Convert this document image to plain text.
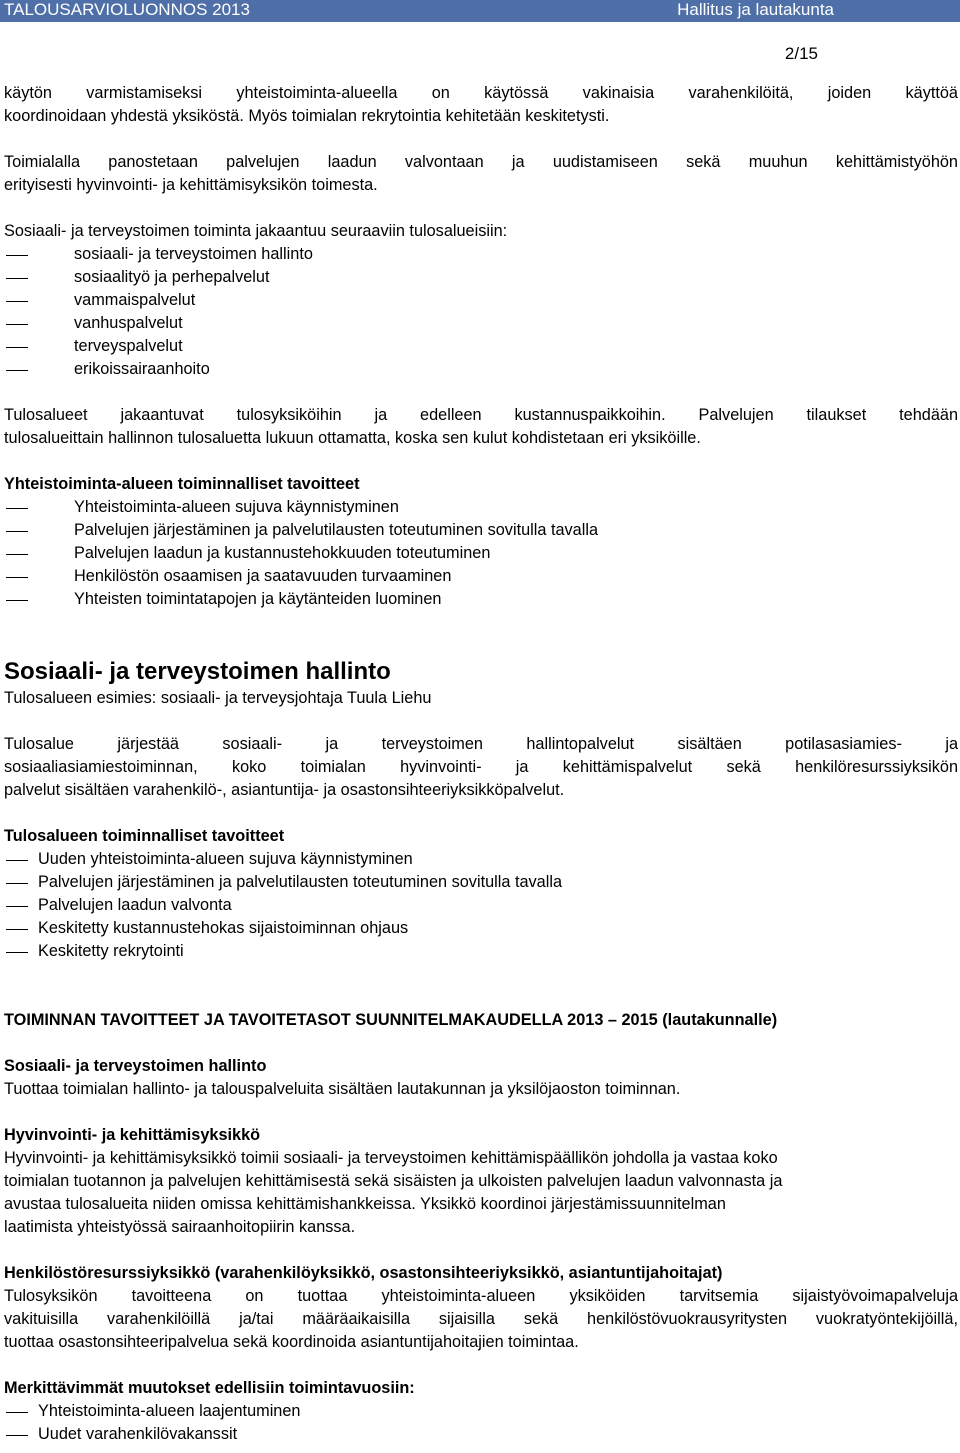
TALOUSARVIOLUONNOS 2013	Hallitus ja lautakunta
2/15

käytön varmistamiseksi yhteistoiminta-alueella on käytössä vakinaisia varahenkilöitä, joiden käyttöä
koordinoidaan yhdestä yksiköstä. Myös toimialan rekrytointia kehitetään keskitetysti.

Toimialalla panostetaan palvelujen laadun valvontaan ja uudistamiseen sekä muuhun kehittämistyöhön
erityisesti hyvinvointi- ja kehittämisyksikön toimesta.

Sosiaali- ja terveystoimen toiminta jakaantuu seuraaviin tulosalueisiin:

sosiaali- ja terveystoimen hallinto
sosiaalityö ja perhepalvelut
vammaispalvelut
vanhuspalvelut
terveyspalvelut
erikoissairaanhoito

Tulosalueet jakaantuvat tulosyksiköihin ja edelleen kustannuspaikkoihin. Palvelujen tilaukset tehdään
tulosalueittain hallinnon tulosaluetta lukuun ottamatta, koska sen kulut kohdistetaan eri yksiköille.

Yhteistoiminta-alueen toiminnalliset tavoitteet
Yhteistoiminta-alueen sujuva käynnistyminen
Palvelujen järjestäminen ja palvelutilausten toteutuminen sovitulla tavalla
Palvelujen laadun ja kustannustehokkuuden toteutuminen
Henkilöstön osaamisen ja saatavuuden turvaaminen
Yhteisten toimintatapojen ja käytänteiden luominen
Sosiaali- ja terveystoimen hallinto

Tulosalueen esimies: sosiaali- ja terveysjohtaja Tuula Liehu

Tulosalue järjestää sosiaali- ja terveystoimen hallintopalvelut sisältäen potilasasiamies- ja
sosiaaliasiamiestoiminnan, koko toimialan hyvinvointi- ja kehittämispalvelut sekä henkilöresurssiyksikön
palvelut sisältäen varahenkilö-, asiantuntija- ja osastonsihteeriyksikköpalvelut.

Tulosalueen toiminnalliset tavoitteet
Uuden yhteistoiminta-alueen sujuva käynnistyminen
Palvelujen järjestäminen ja palvelutilausten toteutuminen sovitulla tavalla
Palvelujen laadun valvonta
Keskitetty kustannustehokas sijaistoiminnan ohjaus
Keskitetty rekrytointi
TOIMINNAN TAVOITTEET JA TAVOITETASOT SUUNNITELMAKAUDELLA 2013 – 2015 (lautakunnalle)
Sosiaali- ja terveystoimen hallinto

Tuottaa toimialan hallinto- ja talouspalveluita sisältäen lautakunnan ja yksilöjaoston toiminnan.

Hyvinvointi- ja kehittämisyksikkö

Hyvinvointi- ja kehittämisyksikkö toimii sosiaali- ja terveystoimen kehittämispäällikön johdolla ja vastaa koko
toimialan tuotannon ja palvelujen kehittämisestä sekä sisäisten ja ulkoisten palvelujen laadun valvonnasta ja
avustaa tulosalueita niiden omissa kehittämishankkeissa. Yksikkö koordinoi järjestämissuunnitelman
laatimista yhteistyössä sairaanhoitopiirin kanssa.

Henkilöstöresurssiyksikkö (varahenkilöyksikkö, osastonsihteeriyksikkö, asiantuntijahoitajat)

Tulosyksikön tavoitteena on tuottaa yhteistoiminta-alueen yksiköiden tarvitsemia sijaistyövoimapalveluja
vakituisilla varahenkilöillä ja/tai määräaikaisilla sijaisilla sekä henkilöstövuokrausyritysten vuokratyöntekijöillä,
tuottaa osastonsihteeripalvelua sekä koordinoida asiantuntijahoitajien toimintaa.

Merkittävimmät muutokset edellisiin toimintavuosiin:
Yhteistoiminta-alueen laajentuminen
Uudet varahenkilövakanssit
